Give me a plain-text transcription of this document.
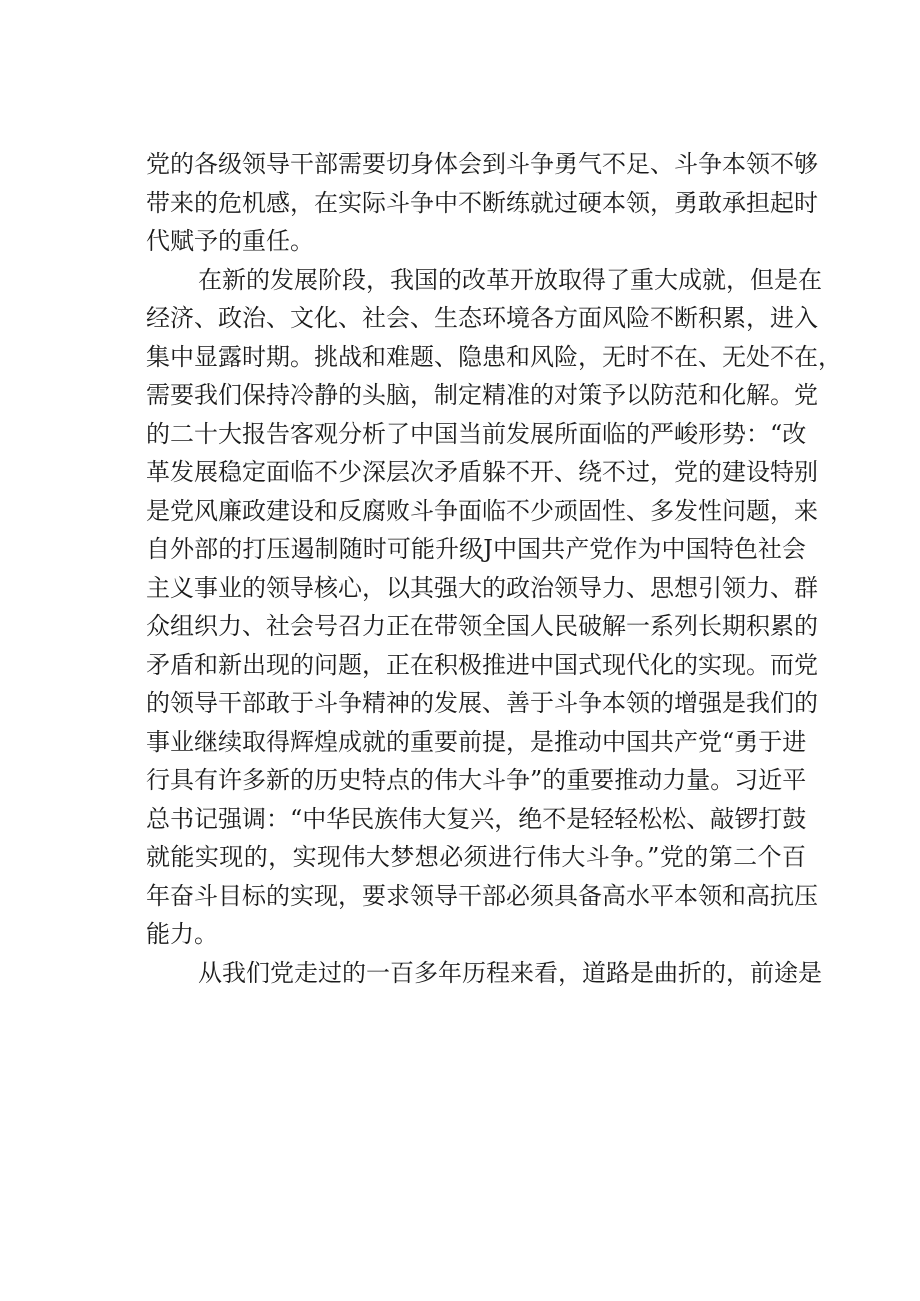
党的各级领导干部需要切身体会到斗争勇气不足、斗争本领不够
带来的危机感，在实际斗争中不断练就过硬本领，勇敢承担起时
代赋予的重任。
在新的发展阶段，我国的改革开放取得了重大成就，但是在
经济、政治、文化、社会、生态环境各方面风险不断积累，进入
集中显露时期。挑战和难题、隐患和风险，无时不在、无处不在，
需要我们保持冷静的头脑，制定精准的对策予以防范和化解。党
的二十大报告客观分析了中国当前发展所面临的严峻形势：“改
革发展稳定面临不少深层次矛盾躲不开、绕不过，党的建设特别
是党风廉政建设和反腐败斗争面临不少顽固性、多发性问题，来
自外部的打压遏制随时可能升级J中国共产党作为中国特色社会
主义事业的领导核心，以其强大的政治领导力、思想引领力、群
众组织力、社会号召力正在带领全国人民破解一系列长期积累的
矛盾和新出现的问题，正在积极推进中国式现代化的实现。而党
的领导干部敢于斗争精神的发展、善于斗争本领的增强是我们的
事业继续取得辉煌成就的重要前提，是推动中国共产党“勇于进
行具有许多新的历史特点的伟大斗争”的重要推动力量。习近平
总书记强调：“中华民族伟大复兴，绝不是轻轻松松、敲锣打鼓
就能实现的，实现伟大梦想必须进行伟大斗争。”党的第二个百
年奋斗目标的实现，要求领导干部必须具备高水平本领和高抗压
能力。
从我们党走过的一百多年历程来看，道路是曲折的，前途是
